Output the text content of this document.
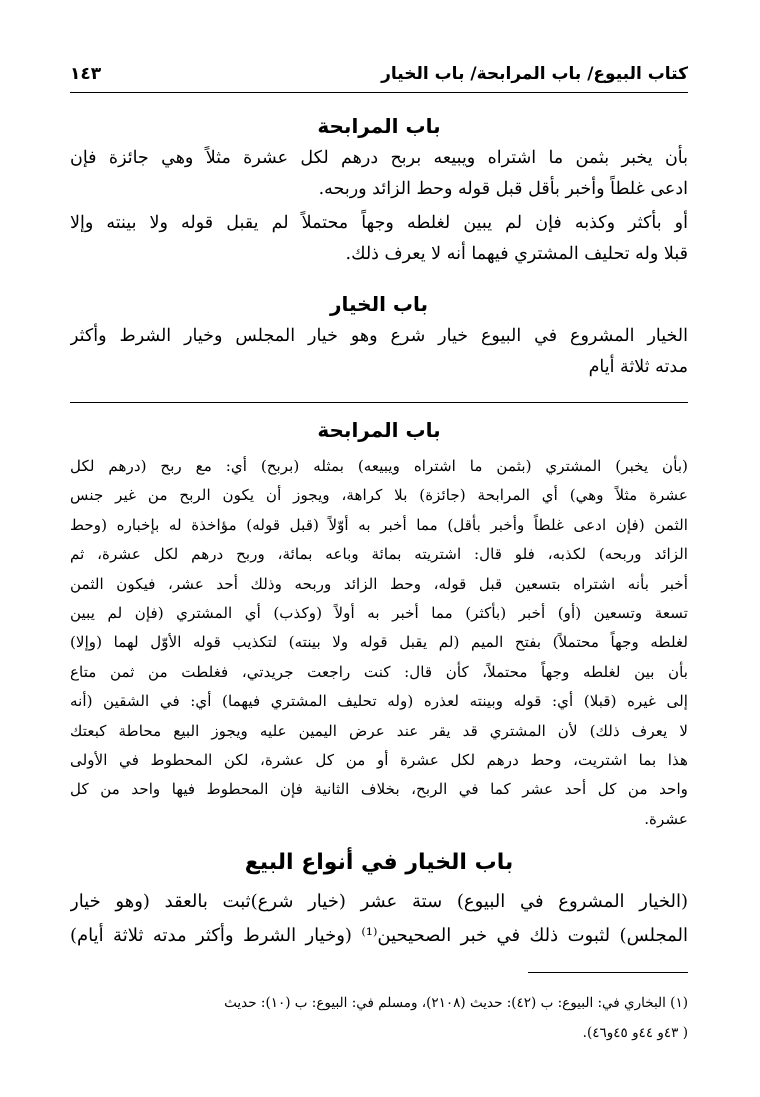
كتاب البيوع/ باب المرابحة/ باب الخيار
١٤٣
باب المرابحة
بأن يخبر بثمن ما اشتراه ويبيعه بربح درهم لكل عشرة مثلاً وهي جائزة فإن
ادعى غلطاً وأخبر بأقل قبل قوله وحط الزائد وربحه.
أو بأكثر وكذبه فإن لم يبين لغلطه وجهاً محتملاً لم يقبل قوله ولا بينته وإلا
قبلا وله تحليف المشتري فيهما أنه لا يعرف ذلك.
باب الخيار
الخيار المشروع في البيوع خيار شرع وهو خيار المجلس وخيار الشرط وأكثر
مدته ثلاثة أيام
باب المرابحة
(بأن يخبر) المشتري (بثمن ما اشتراه ويبيعه) بمثله (بربح) أي: مع ربح (درهم لكل
عشرة مثلاً وهي) أي المرابحة (جائزة) بلا كراهة، ويجوز أن يكون الربح من غير جنس
الثمن (فإن ادعى غلطاً وأخبر بأقل) مما أخبر به أوّلاً (قبل قوله) مؤاخذة له بإخباره (وحط
الزائد وربحه) لكذبه، فلو قال: اشتريته بمائة وباعه بمائة، وربح درهم لكل عشرة، ثم
أخبر بأنه اشتراه بتسعين قبل قوله، وحط الزائد وربحه وذلك أحد عشر، فيكون الثمن
تسعة وتسعين (أو) أخبر (بأكثر) مما أخبر به أولاً (وكذب) أي المشتري (فإن لم يبين
لغلطه وجهاً محتملاً) بفتح الميم (لم يقبل قوله ولا بينته) لتكذيب قوله الأوّل لهما (وإلا)
بأن بين لغلطه وجهاً محتملاً، كأن قال: كنت راجعت جريدتي، فغلطت من ثمن متاع
إلى غيره (قبلا) أي: قوله وبينته لعذره (وله تحليف المشتري فيهما) أي: في الشقين (أنه
لا يعرف ذلك) لأن المشتري قد يقر عند عرض اليمين عليه ويجوز البيع محاطة كبعتك
هذا بما اشتريت، وحط درهم لكل عشرة أو من كل عشرة، لكن المحطوط في الأولى
واحد من كل أحد عشر كما في الربح، بخلاف الثانية فإن المحطوط فيها واحد من كل
عشرة.
باب الخيار في أنواع البيع
(الخيار المشروع في البيوع) ستة عشر (خيار شرع)ثبت بالعقد (وهو خيار
المجلس) لثبوت ذلك في خبر الصحيحين⁽¹⁾ (وخيار الشرط وأكثر مدته ثلاثة أيام)
(١) البخاري في: البيوع: ب (٤٢): حديث (٢١٠٨)، ومسلم في: البيوع: ب (١٠): حديث
( ٤٣و ٤٤و ٤٥و٤٦).
